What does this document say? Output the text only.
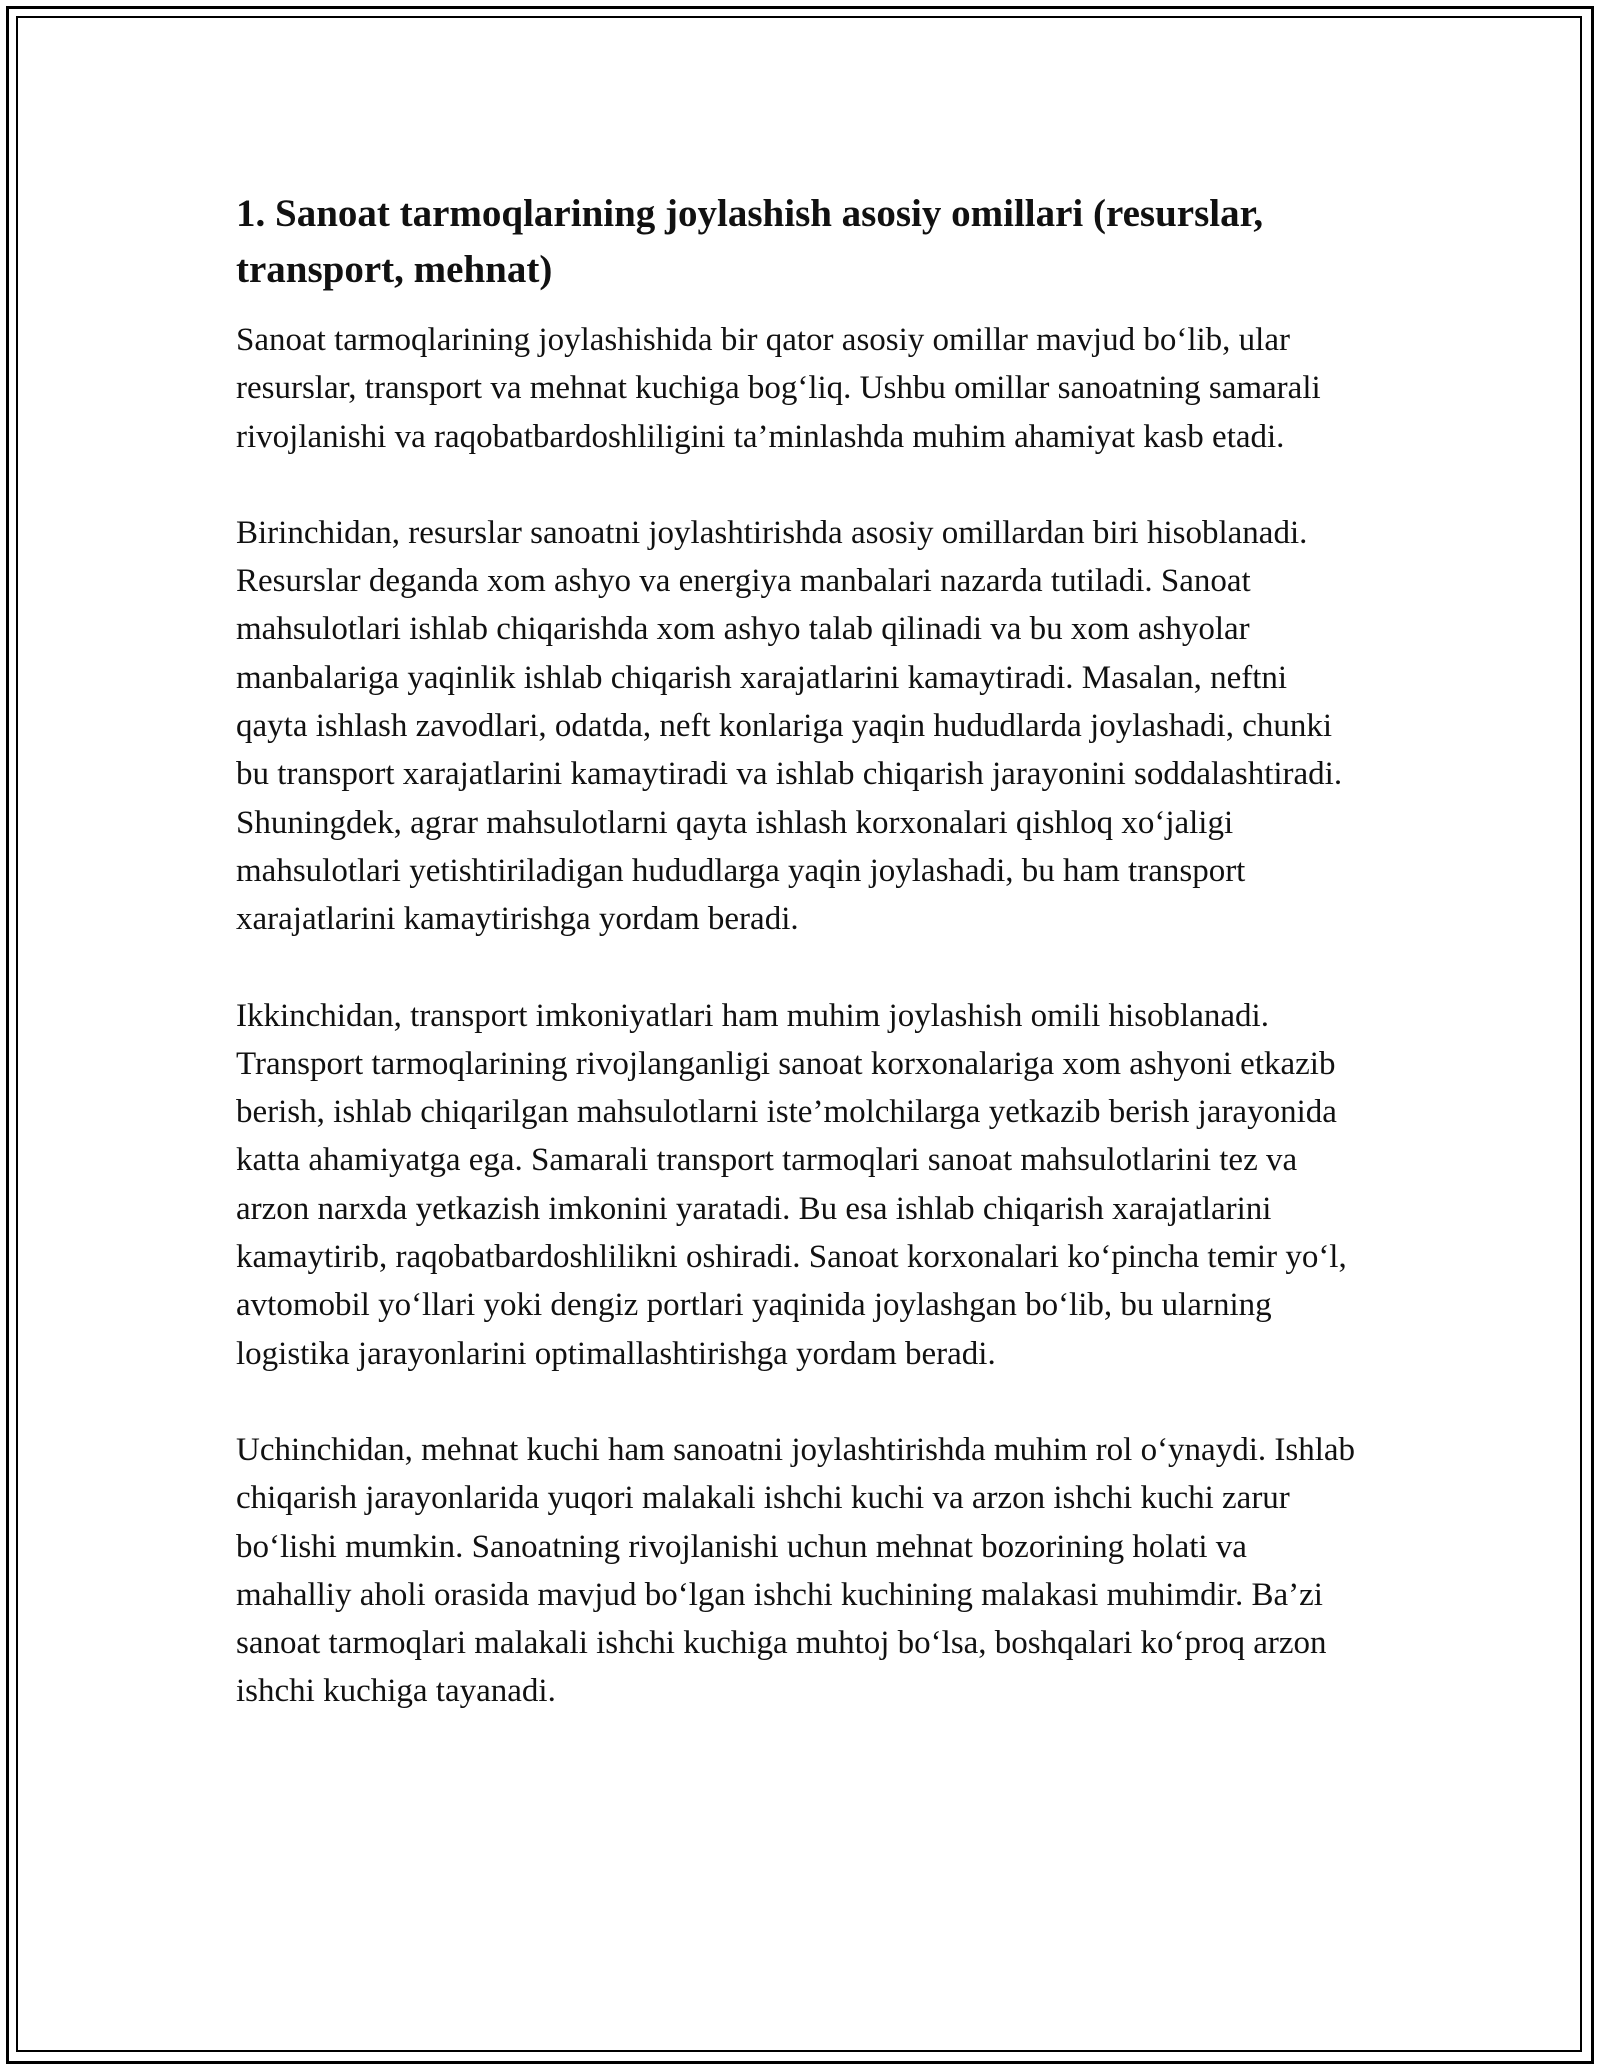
1. Sanoat tarmoqlarining joylashish asosiy omillari (resurslar, transport, mehnat)

Sanoat tarmoqlarining joylashishida bir qator asosiy omillar mavjud bo‘lib, ular resurslar, transport va mehnat kuchiga bog‘liq. Ushbu omillar sanoatning samarali rivojlanishi va raqobatbardoshliligini ta’minlashda muhim ahamiyat kasb etadi.

Birinchidan, resurslar sanoatni joylashtirishda asosiy omillardan biri hisoblanadi. Resurslar deganda xom ashyo va energiya manbalari nazarda tutiladi. Sanoat mahsulotlari ishlab chiqarishda xom ashyo talab qilinadi va bu xom ashyolar manbalariga yaqinlik ishlab chiqarish xarajatlarini kamaytiradi. Masalan, neftni qayta ishlash zavodlari, odatda, neft konlariga yaqin hududlarda joylashadi, chunki bu transport xarajatlarini kamaytiradi va ishlab chiqarish jarayonini soddalashtiradi. Shuningdek, agrar mahsulotlarni qayta ishlash korxonalari qishloq xo‘jaligi mahsulotlari yetishtiriladigan hududlarga yaqin joylashadi, bu ham transport xarajatlarini kamaytirishga yordam beradi.

Ikkinchidan, transport imkoniyatlari ham muhim joylashish omili hisoblanadi. Transport tarmoqlarining rivojlanganligi sanoat korxonalariga xom ashyoni etkazib berish, ishlab chiqarilgan mahsulotlarni iste’molchilarga yetkazib berish jarayonida katta ahamiyatga ega. Samarali transport tarmoqlari sanoat mahsulotlarini tez va arzon narxda yetkazish imkonini yaratadi. Bu esa ishlab chiqarish xarajatlarini kamaytirib, raqobatbardoshlilikni oshiradi. Sanoat korxonalari ko‘pincha temir yo‘l, avtomobil yo‘llari yoki dengiz portlari yaqinida joylashgan bo‘lib, bu ularning logistika jarayonlarini optimallashtirishga yordam beradi.

Uchinchidan, mehnat kuchi ham sanoatni joylashtirishda muhim rol o‘ynaydi. Ishlab chiqarish jarayonlarida yuqori malakali ishchi kuchi va arzon ishchi kuchi zarur bo‘lishi mumkin. Sanoatning rivojlanishi uchun mehnat bozorining holati va mahalliy aholi orasida mavjud bo‘lgan ishchi kuchining malakasi muhimdir. Ba’zi sanoat tarmoqlari malakali ishchi kuchiga muhtoj bo‘lsa, boshqalari ko‘proq arzon ishchi kuchiga tayanadi.
